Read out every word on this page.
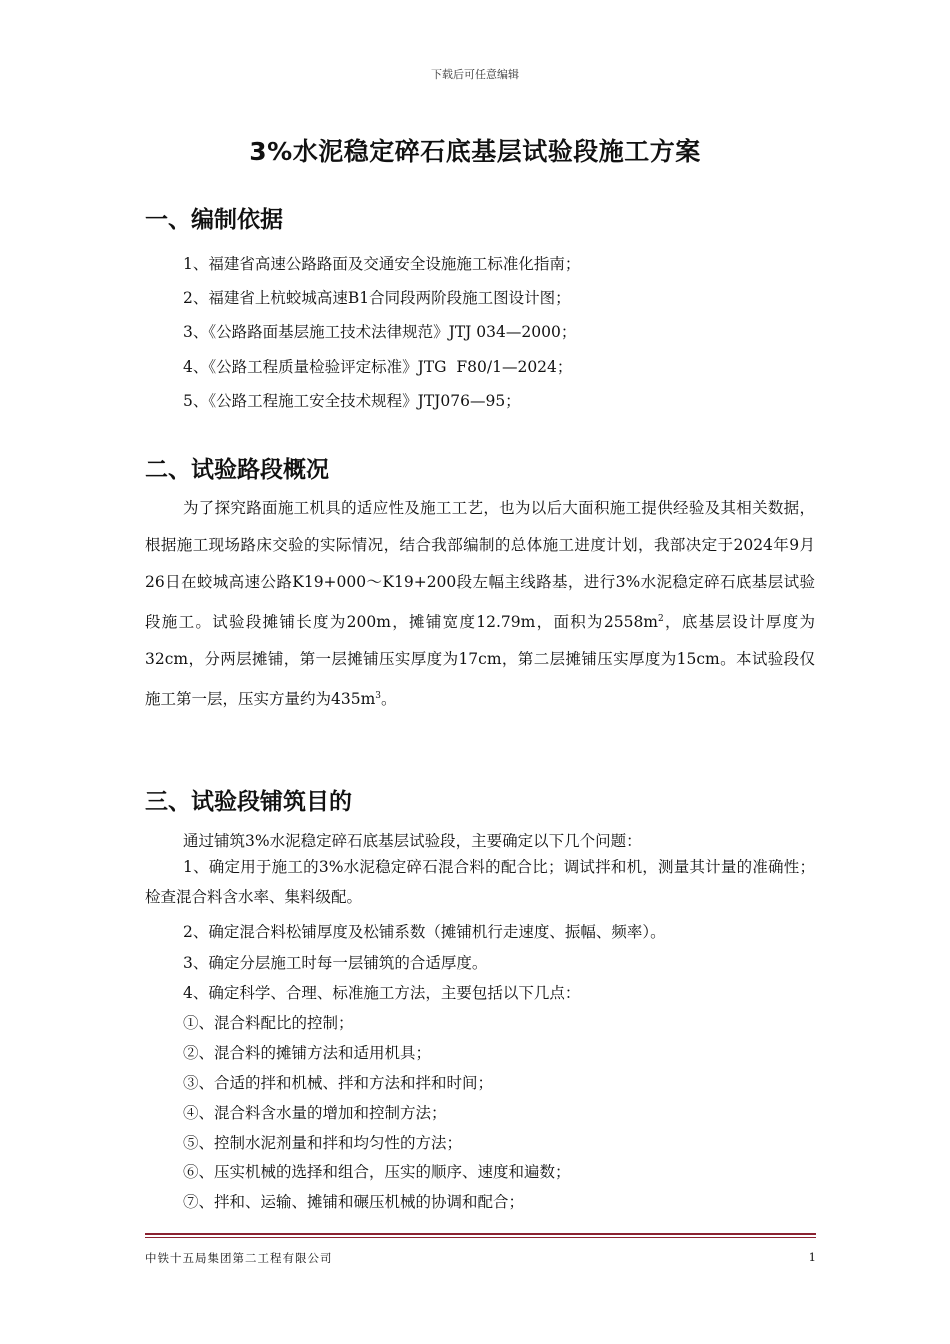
下载后可任意编辑
3%水泥稳定碎石底基层试验段施工方案
一、编制依据
1、福建省高速公路路面及交通安全设施施工标准化指南；
2、福建省上杭蛟城高速B1合同段两阶段施工图设计图；
3、《公路路面基层施工技术法律规范》JTJ 034—2000；
4、《公路工程质量检验评定标准》JTG  F80/1—2024；
5、《公路工程施工安全技术规程》JTJ076—95；
二、试验路段概况
为了探究路面施工机具的适应性及施工工艺，也为以后大面积施工提供经验及其相关数据，根据施工现场路床交验的实际情况，结合我部编制的总体施工进度计划，我部决定于2024年9月26日在蛟城高速公路K19+000～K19+200段左幅主线路基，进行3%水泥稳定碎石底基层试验段施工。试验段摊铺长度为200m，摊铺宽度12.79m，面积为$2558m^2$，底基层设计厚度为32cm，分两层摊铺，第一层摊铺压实厚度为17cm，第二层摊铺压实厚度为15cm。本试验段仅施工第一层，压实方量约为$435m^3$。
三、试验段铺筑目的
通过铺筑3%水泥稳定碎石底基层试验段，主要确定以下几个问题：
1、确定用于施工的3%水泥稳定碎石混合料的配合比；调试拌和机，测量其计量的准确性；检查混合料含水率、集料级配。
2、确定混合料松铺厚度及松铺系数（摊铺机行走速度、振幅、频率）。
3、确定分层施工时每一层铺筑的合适厚度。
4、确定科学、合理、标准施工方法，主要包括以下几点：
①、混合料配比的控制；
②、混合料的摊铺方法和适用机具；
③、合适的拌和机械、拌和方法和拌和时间；
④、混合料含水量的增加和控制方法；
⑤、控制水泥剂量和拌和均匀性的方法；
⑥、压实机械的选择和组合，压实的顺序、速度和遍数；
⑦、拌和、运输、摊铺和碾压机械的协调和配合；
中铁十五局集团第二工程有限公司	1
